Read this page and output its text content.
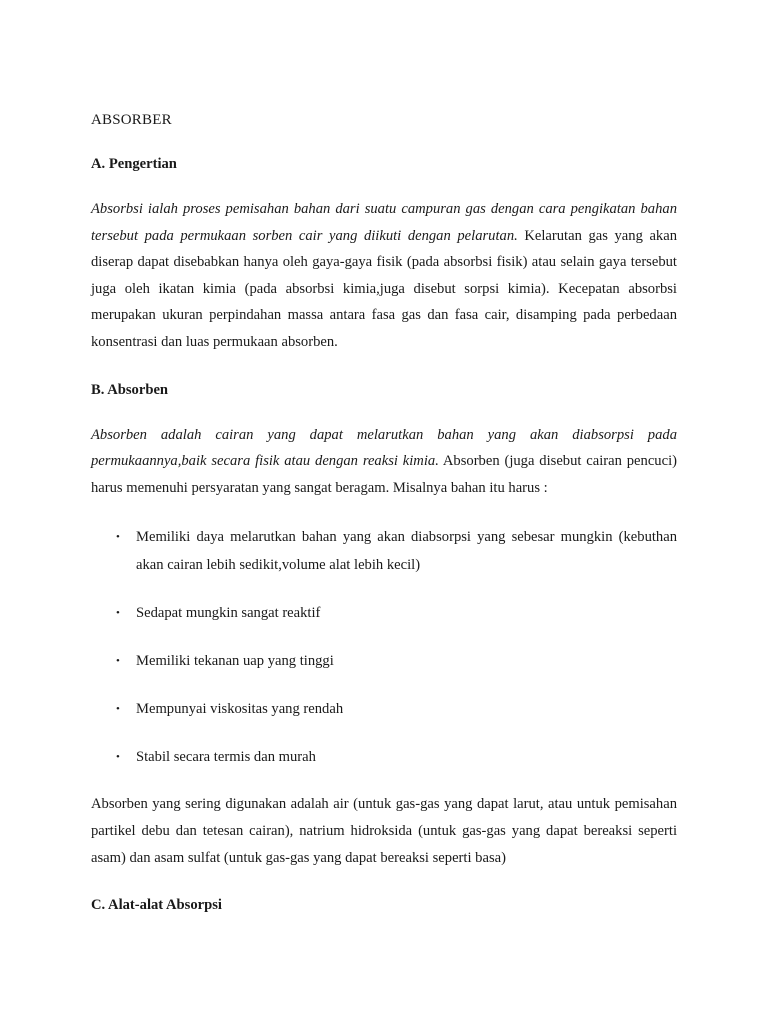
ABSORBER
A. Pengertian

Absorbsi ialah proses pemisahan bahan dari suatu campuran gas dengan cara pengikatan bahan tersebut pada permukaan sorben cair yang diikuti dengan pelarutan. Kelarutan gas yang akan diserap dapat disebabkan hanya oleh gaya-gaya fisik (pada absorbsi fisik) atau selain gaya tersebut juga oleh ikatan kimia (pada absorbsi kimia,juga disebut sorpsi kimia). Kecepatan absorbsi merupakan ukuran perpindahan massa antara fasa gas dan fasa cair, disamping pada perbedaan konsentrasi dan luas permukaan absorben.

B. Absorben

Absorben adalah cairan yang dapat melarutkan bahan yang akan diabsorpsi pada permukaannya,baik secara fisik atau dengan reaksi kimia. Absorben (juga disebut cairan pencuci) harus memenuhi persyaratan yang sangat beragam. Misalnya bahan itu harus :

• Memiliki daya melarutkan bahan yang akan diabsorpsi yang sebesar mungkin (kebuthan akan cairan lebih sedikit,volume alat lebih kecil)
• Sedapat mungkin sangat reaktif
• Memiliki tekanan uap yang tinggi
• Mempunyai viskositas yang rendah
• Stabil secara termis dan murah

Absorben yang sering digunakan adalah air (untuk gas-gas yang dapat larut, atau untuk pemisahan partikel debu dan tetesan cairan), natrium hidroksida (untuk gas-gas yang dapat bereaksi seperti asam) dan asam sulfat (untuk gas-gas yang dapat bereaksi seperti basa)

C. Alat-alat Absorpsi
